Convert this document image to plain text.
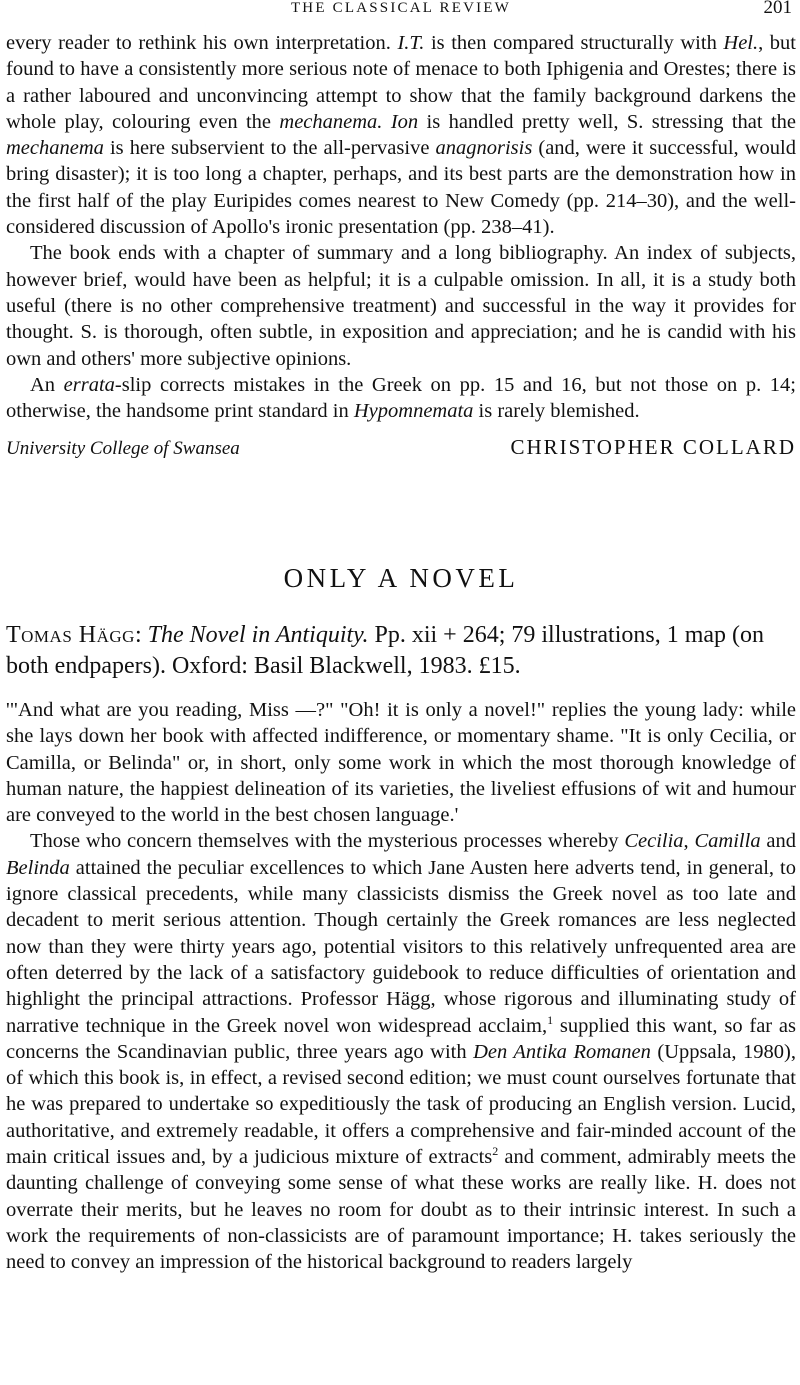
THE CLASSICAL REVIEW	201

every reader to rethink his own interpretation. I.T. is then compared structurally with Hel., but found to have a consistently more serious note of menace to both Iphigenia and Orestes; there is a rather laboured and unconvincing attempt to show that the family background darkens the whole play, colouring even the mechanema. Ion is handled pretty well, S. stressing that the mechanema is here subservient to the all-pervasive anagnorisis (and, were it successful, would bring disaster); it is too long a chapter, perhaps, and its best parts are the demonstration how in the first half of the play Euripides comes nearest to New Comedy (pp. 214–30), and the well-considered discussion of Apollo's ironic presentation (pp. 238–41).

The book ends with a chapter of summary and a long bibliography. An index of subjects, however brief, would have been as helpful; it is a culpable omission. In all, it is a study both useful (there is no other comprehensive treatment) and successful in the way it provides for thought. S. is thorough, often subtle, in exposition and appreciation; and he is candid with his own and others' more subjective opinions.

An errata-slip corrects mistakes in the Greek on pp. 15 and 16, but not those on p. 14; otherwise, the handsome print standard in Hypomnemata is rarely blemished.

University College of Swansea	CHRISTOPHER COLLARD
ONLY A NOVEL
Tomas Hägg: The Novel in Antiquity. Pp. xii + 264; 79 illustrations, 1 map (on both endpapers). Oxford: Basil Blackwell, 1983. £15.

'"And what are you reading, Miss —?" "Oh! it is only a novel!" replies the young lady: while she lays down her book with affected indifference, or momentary shame. "It is only Cecilia, or Camilla, or Belinda" or, in short, only some work in which the most thorough knowledge of human nature, the happiest delineation of its varieties, the liveliest effusions of wit and humour are conveyed to the world in the best chosen language.'

Those who concern themselves with the mysterious processes whereby Cecilia, Camilla and Belinda attained the peculiar excellences to which Jane Austen here adverts tend, in general, to ignore classical precedents, while many classicists dismiss the Greek novel as too late and decadent to merit serious attention. Though certainly the Greek romances are less neglected now than they were thirty years ago, potential visitors to this relatively unfrequented area are often deterred by the lack of a satisfactory guidebook to reduce difficulties of orientation and highlight the principal attractions. Professor Hägg, whose rigorous and illuminating study of narrative technique in the Greek novel won widespread acclaim,$^1$ supplied this want, so far as concerns the Scandinavian public, three years ago with Den Antika Romanen (Uppsala, 1980), of which this book is, in effect, a revised second edition; we must count ourselves fortunate that he was prepared to undertake so expeditiously the task of producing an English version. Lucid, authoritative, and extremely readable, it offers a comprehensive and fair-minded account of the main critical issues and, by a judicious mixture of extracts$^2$ and comment, admirably meets the daunting challenge of conveying some sense of what these works are really like. H. does not overrate their merits, but he leaves no room for doubt as to their intrinsic interest. In such a work the requirements of non-classicists are of paramount importance; H. takes seriously the need to convey an impression of the historical background to readers largely
